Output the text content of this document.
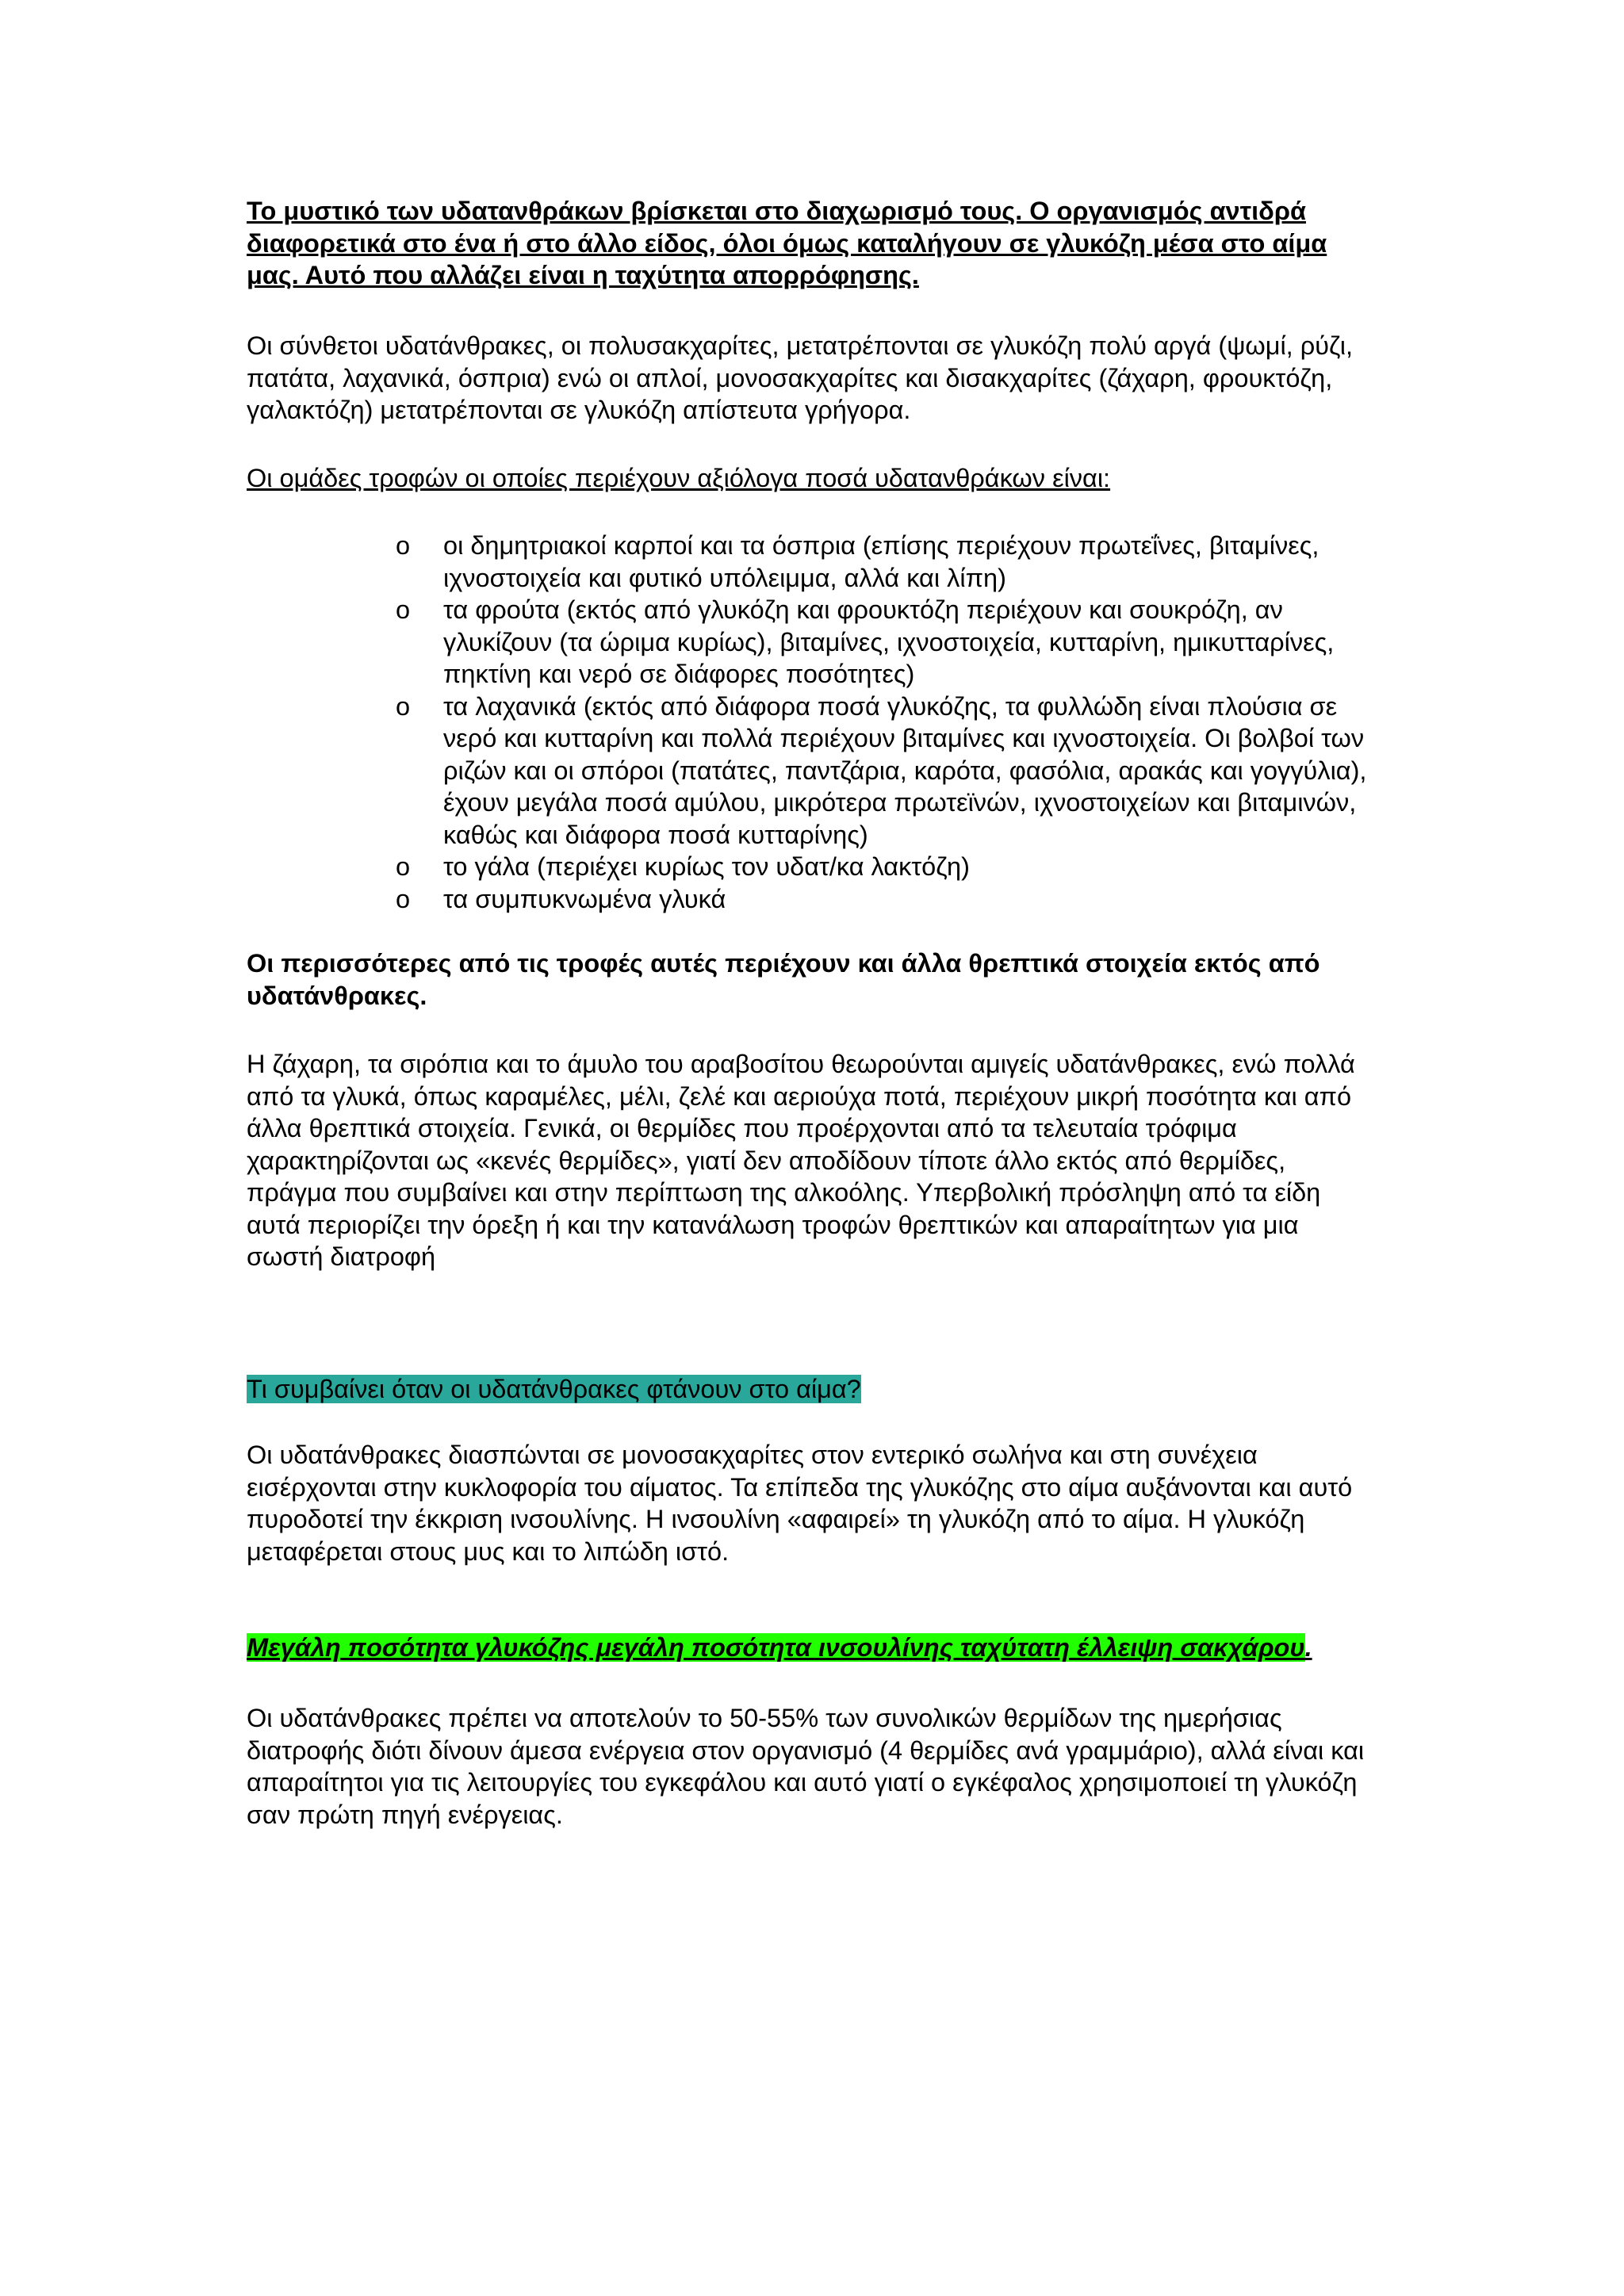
Το μυστικό των υδατανθράκων βρίσκεται στο διαχωρισμό τους. Ο οργανισμός αντιδρά διαφορετικά στο ένα ή στο άλλο είδος, όλοι όμως καταλήγουν σε γλυκόζη μέσα στο αίμα μας. Αυτό που αλλάζει είναι η ταχύτητα απορρόφησης.

Οι σύνθετοι υδατάνθρακες, οι πολυσακχαρίτες, μετατρέπονται σε γλυκόζη πολύ αργά (ψωμί, ρύζι, πατάτα, λαχανικά, όσπρια) ενώ οι απλοί, μονοσακχαρίτες και δισακχαρίτες (ζάχαρη, φρουκτόζη, γαλακτόζη) μετατρέπονται σε γλυκόζη απίστευτα γρήγορα.

Οι ομάδες τροφών οι οποίες περιέχουν αξιόλογα ποσά υδατανθράκων είναι:

o	οι δημητριακοί καρποί και τα όσπρια (επίσης περιέχουν πρωτεΐνες, βιταμίνες, ιχνοστοιχεία και φυτικό υπόλειμμα, αλλά και λίπη)
o	τα φρούτα (εκτός από γλυκόζη και φρουκτόζη περιέχουν και σουκρόζη, αν γλυκίζουν (τα ώριμα κυρίως), βιταμίνες, ιχνοστοιχεία, κυτταρίνη, ημικυτταρίνες, πηκτίνη και νερό σε διάφορες ποσότητες)
o	τα λαχανικά (εκτός από διάφορα ποσά γλυκόζης, τα φυλλώδη είναι πλούσια σε νερό και κυτταρίνη και πολλά περιέχουν βιταμίνες και ιχνοστοιχεία. Οι βολβοί των ριζών και οι σπόροι (πατάτες, παντζάρια, καρότα, φασόλια, αρακάς και γογγύλια), έχουν μεγάλα ποσά αμύλου, μικρότερα πρωτεϊνών, ιχνοστοιχείων και βιταμινών, καθώς και διάφορα ποσά κυτταρίνης)
o	το γάλα (περιέχει κυρίως τον υδατ/κα λακτόζη)
o	τα συμπυκνωμένα γλυκά

Οι περισσότερες από τις τροφές αυτές περιέχουν και άλλα θρεπτικά στοιχεία εκτός από υδατάνθρακες.

Η ζάχαρη, τα σιρόπια και το άμυλο του αραβοσίτου θεωρούνται αμιγείς υδατάνθρακες, ενώ πολλά από τα γλυκά, όπως καραμέλες, μέλι, ζελέ και αεριούχα ποτά, περιέχουν μικρή ποσότητα και από άλλα θρεπτικά στοιχεία. Γενικά, οι θερμίδες που προέρχονται από τα τελευταία τρόφιμα χαρακτηρίζονται ως «κενές θερμίδες», γιατί δεν αποδίδουν τίποτε άλλο εκτός από θερμίδες, πράγμα που συμβαίνει και στην περίπτωση της αλκοόλης. Υπερβολική πρόσληψη από τα είδη αυτά περιορίζει την όρεξη ή και την κατανάλωση τροφών θρεπτικών και απαραίτητων για μια σωστή διατροφή

Τι συμβαίνει όταν οι υδατάνθρακες φτάνουν στο αίμα?

Οι υδατάνθρακες διασπώνται σε μονοσακχαρίτες στον εντερικό σωλήνα και στη συνέχεια εισέρχονται στην κυκλοφορία του αίματος. Τα επίπεδα της γλυκόζης στο αίμα αυξάνονται και αυτό πυροδοτεί την έκκριση ινσουλίνης. Η ινσουλίνη «αφαιρεί» τη γλυκόζη από το αίμα. Η γλυκόζη μεταφέρεται στους μυς και το λιπώδη ιστό.

Μεγάλη ποσότητα γλυκόζης μεγάλη ποσότητα ινσουλίνης ταχύτατη έλλειψη σακχάρου.

Οι υδατάνθρακες πρέπει να αποτελούν το 50-55% των συνολικών θερμίδων της ημερήσιας διατροφής διότι δίνουν άμεσα ενέργεια στον οργανισμό (4 θερμίδες ανά γραμμάριο), αλλά είναι και απαραίτητοι για τις λειτουργίες του εγκεφάλου και αυτό γιατί ο εγκέφαλος χρησιμοποιεί τη γλυκόζη σαν πρώτη πηγή ενέργειας.
